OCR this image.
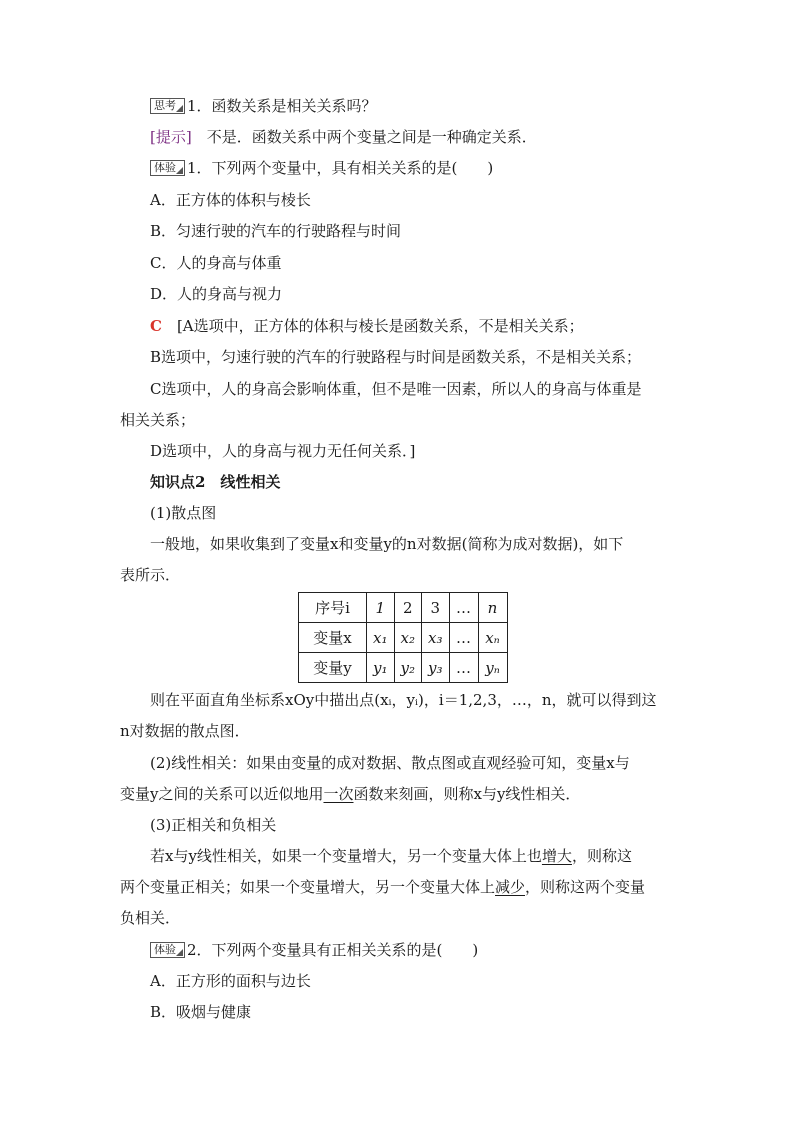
思考 1．函数关系是相关关系吗？
[提示]　不是．函数关系中两个变量之间是一种确定关系．
体验 1．下列两个变量中，具有相关关系的是(　　)
A．正方体的体积与棱长
B．匀速行驶的汽车的行驶路程与时间
C．人的身高与体重
D．人的身高与视力
C　[A选项中，正方体的体积与棱长是函数关系，不是相关关系；
B选项中，匀速行驶的汽车的行驶路程与时间是函数关系，不是相关关系；
C选项中，人的身高会影响体重，但不是唯一因素，所以人的身高与体重是
相关关系；
D选项中，人的身高与视力无任何关系．]
知识点2　线性相关
(1)散点图
一般地，如果收集到了变量x和变量y的n对数据(简称为成对数据)，如下
表所示．
序号i	1	2	3	…	n
变量x	x₁	x₂	x₃	…	xₙ
变量y	y₁	y₂	y₃	…	yₙ
则在平面直角坐标系xOy中描出点(xᵢ，yᵢ)，i＝1,2,3，…，n，就可以得到这
n对数据的散点图．
(2)线性相关：如果由变量的成对数据、散点图或直观经验可知，变量x与
变量y之间的关系可以近似地用一次函数来刻画，则称x与y线性相关．
(3)正相关和负相关
若x与y线性相关，如果一个变量增大，另一个变量大体上也增大，则称这
两个变量正相关；如果一个变量增大，另一个变量大体上减少，则称这两个变量
负相关．
体验 2．下列两个变量具有正相关关系的是(　　)
A．正方形的面积与边长
B．吸烟与健康
